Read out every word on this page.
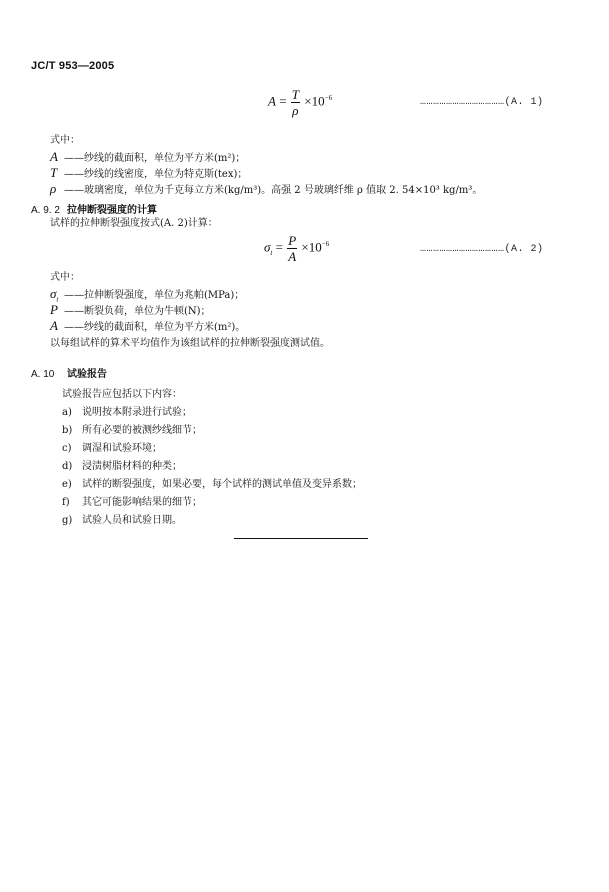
JC/T 953—2005
$A = \frac{T}{\rho} \times 10^{-6}$	…………………………………(A. 1)
式中：
A ——纱线的截面积，单位为平方米(m²)；
T ——纱线的线密度，单位为特克斯(tex)；
ρ ——玻璃密度，单位为千克每立方米(kg/m³)。高强 2 号玻璃纤维 ρ 值取 2. 54×10³ kg/m³。
A. 9. 2 拉伸断裂强度的计算
试样的拉伸断裂强度按式(A. 2)计算：
$\sigma_t = \frac{P}{A} \times 10^{-6}$	…………………………………(A. 2)
式中：
$\sigma_t$ ——拉伸断裂强度，单位为兆帕(MPa)；
P ——断裂负荷，单位为牛顿(N)；
A ——纱线的截面积，单位为平方米(m²)。
以每组试样的算术平均值作为该组试样的拉伸断裂强度测试值。
A. 10 试验报告
试验报告应包括以下内容：
a) 说明按本附录进行试验；
b) 所有必要的被测纱线细节；
c) 调湿和试验环境；
d) 浸渍树脂材料的种类；
e) 试样的断裂强度，如果必要，每个试样的测试单值及变异系数；
f) 其它可能影响结果的细节；
g) 试验人员和试验日期。
